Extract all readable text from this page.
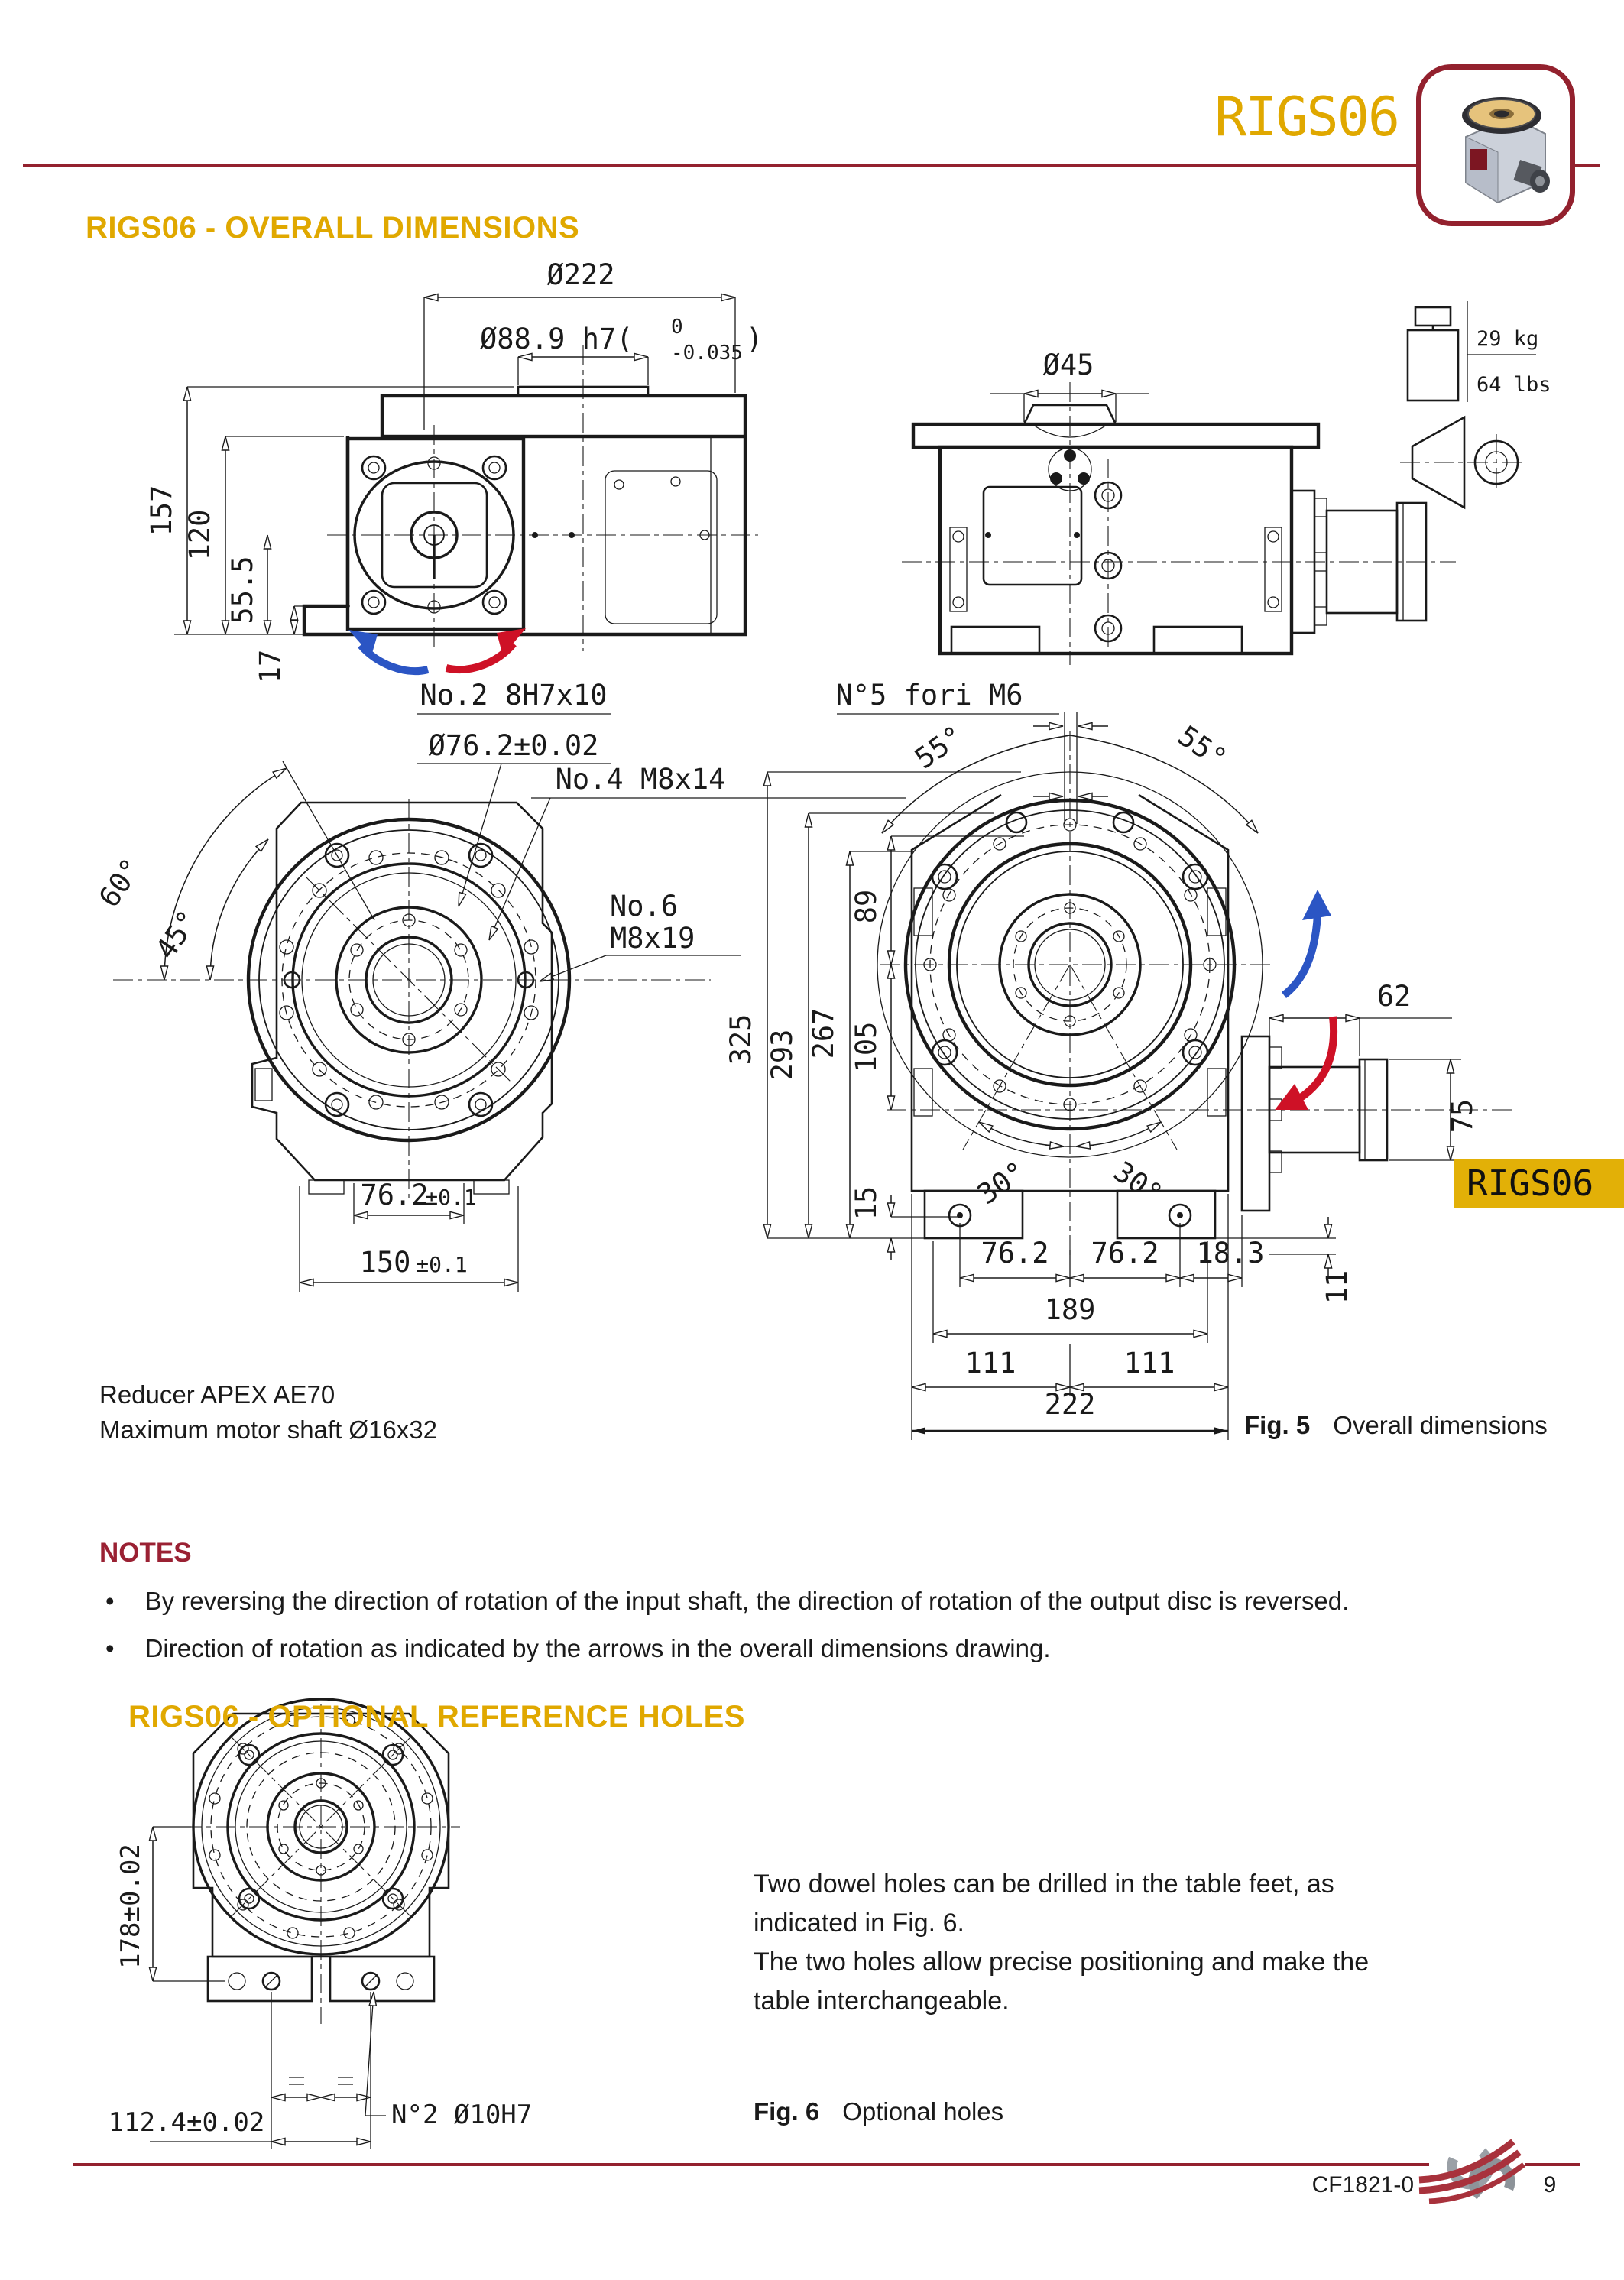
Ø222
Ø88.9 h7( 0
-0.035 )
157 120
55.5
17
No.2 8H7x10
Ø76.2±0.02
No.4 M8x14
No.6
M8x19
60°
45°
76.2
±0.1
150 ±0.1
Ø45
29 kg
64 lbs
N°5 fori M6
55°	55°
89
105
267
293
325
15	30°	30°
62
75
76.2 76.2 18.3
11
189
111	111
222
178±0.02
112.4±0.02	N°2 Ø10H7
RIGS06
RIGS06 - OVERALL DIMENSIONS
Reducer APEX AE70
Maximum motor shaft Ø16x32	Fig. 5 Overall dimensions
NOTES
• By reversing the direction of rotation of the input shaft, the direction of rotation of the output disc is reversed.
• Direction of rotation as indicated by the arrows in the overall dimensions drawing.
RIGS06 - OPTIONAL REFERENCE HOLES
Two dowel holes can be drilled in the table feet, as
indicated in Fig. 6.
The two holes allow precise positioning and make the
table interchangeable.
Fig. 6 Optional holes
RIGS06
CF1821-0	9
